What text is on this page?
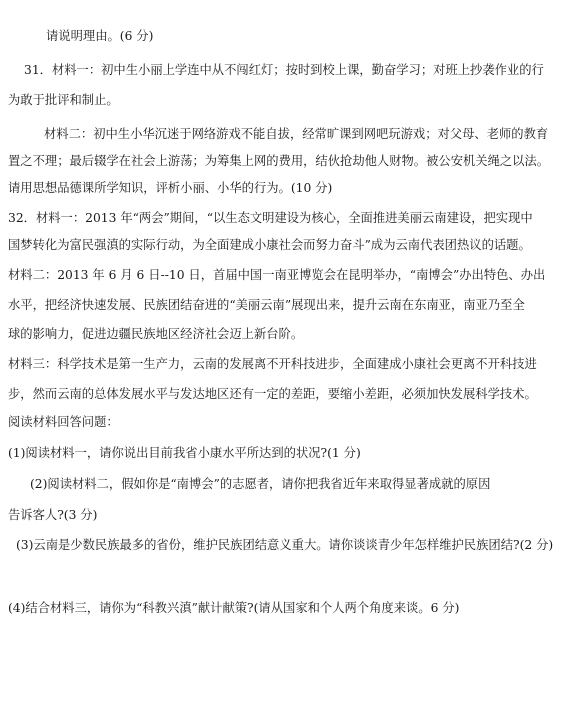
请说明理由。(6 分)
31．材料一：初中生小丽上学连中从不闯红灯；按时到校上课，勤奋学习；对班上抄袭作业的行
为敢于批评和制止。
材料二：初中生小华沉迷于网络游戏不能自拔，经常旷课到网吧玩游戏；对父母、老师的教育
置之不理；最后辍学在社会上游荡；为筹集上网的费用，结伙抢劫他人财物。被公安机关绳之以法。
请用思想品德课所学知识，评析小丽、小华的行为。(10 分)
32．材料一：2013 年“两会”期间，“以生态文明建设为核心，全面推进美丽云南建设，把实现中
国梦转化为富民强滇的实际行动，为全面建成小康社会而努力奋斗”成为云南代表团热议的话题。
材料二：2013 年 6 月 6 日--10 日，首届中国一南亚博览会在昆明举办，“南博会”办出特色、办出
水平，把经济快速发展、民族团结奋进的“美丽云南”展现出来，提升云南在东南亚，南亚乃至全
球的影响力，促进边疆民族地区经济社会迈上新台阶。
材料三：科学技术是第一生产力，云南的发展离不开科技进步，全面建成小康社会更离不开科技进
步，然而云南的总体发展水平与发达地区还有一定的差距，要缩小差距，必须加快发展科学技术。
阅读材料回答问题：
(1)阅读材料一，请你说出目前我省小康水平所达到的状况?(1 分)
(2)阅读材料二，假如你是“南博会”的志愿者，请你把我省近年来取得显著成就的原因
告诉客人?(3 分)
(3)云南是少数民族最多的省份，维护民族团结意义重大。请你谈谈青少年怎样维护民族团结?(2 分)
(4)结合材料三，请你为“科教兴滇”献计献策?(请从国家和个人两个角度来谈。6 分)
